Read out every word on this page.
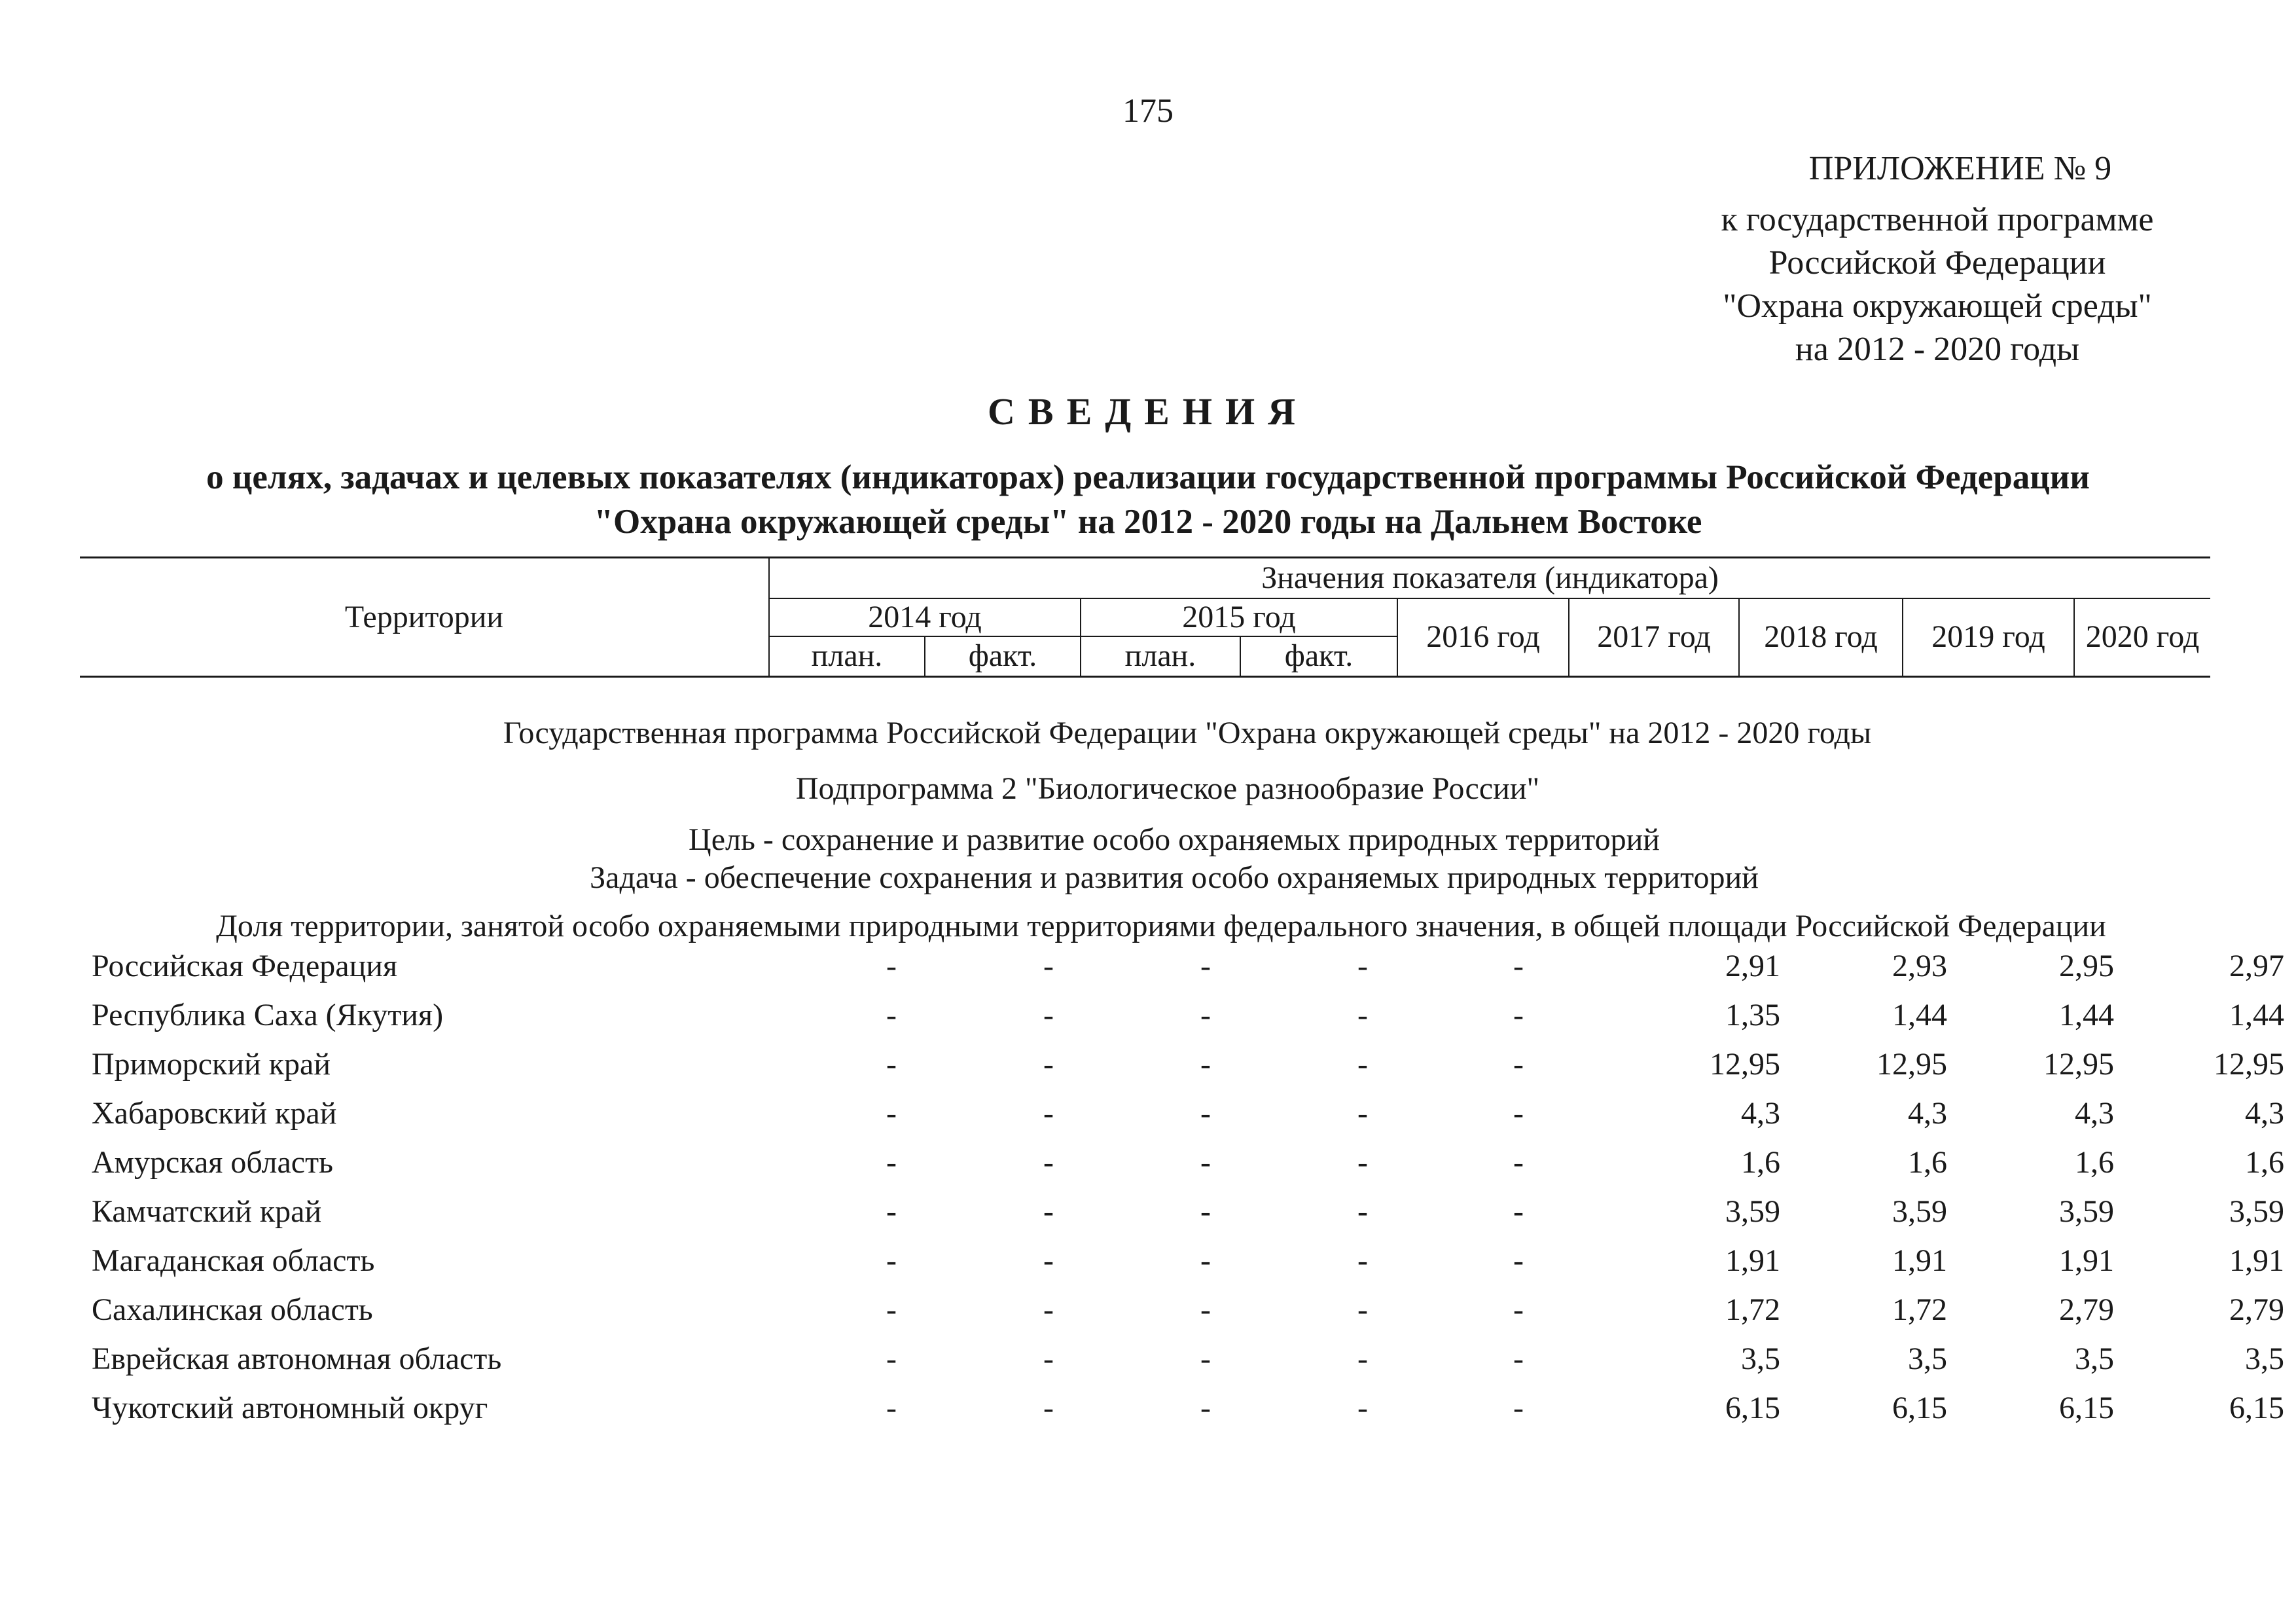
175
ПРИЛОЖЕНИЕ № 9
к государственной программе
Российской Федерации
"Охрана окружающей среды"
на 2012 - 2020 годы
СВЕДЕНИЯ
о целях, задачах и целевых показателях (индикаторах) реализации государственной программы Российской Федерации
"Охрана окружающей среды" на 2012 - 2020 годы на Дальнем Востоке
Территории	Значения показателя (индикатора)								
	2014 год		2015 год		2016 год	2017 год	2018 год	2019 год	2020 год
	план.	факт.	план.	факт.					
Государственная программа Российской Федерации "Охрана окружающей среды" на 2012 - 2020 годы
Подпрограмма 2 "Биологическое разнообразие России"
Цель - сохранение и развитие особо охраняемых природных территорий
Задача - обеспечение сохранения и развития особо охраняемых природных территорий
Доля территории, занятой особо охраняемыми природными территориями федерального значения, в общей площади Российской Федерации
Российская Федерация	-	-	-	-	-	2,91	2,93	2,95	2,97
Республика Саха (Якутия)	-	-	-	-	-	1,35	1,44	1,44	1,44
Приморский край	-	-	-	-	-	12,95	12,95	12,95	12,95
Хабаровский край	-	-	-	-	-	4,3	4,3	4,3	4,3
Амурская область	-	-	-	-	-	1,6	1,6	1,6	1,6
Камчатский край	-	-	-	-	-	3,59	3,59	3,59	3,59
Магаданская область	-	-	-	-	-	1,91	1,91	1,91	1,91
Сахалинская область	-	-	-	-	-	1,72	1,72	2,79	2,79
Еврейская автономная область	-	-	-	-	-	3,5	3,5	3,5	3,5
Чукотский автономный округ	-	-	-	-	-	6,15	6,15	6,15	6,15
